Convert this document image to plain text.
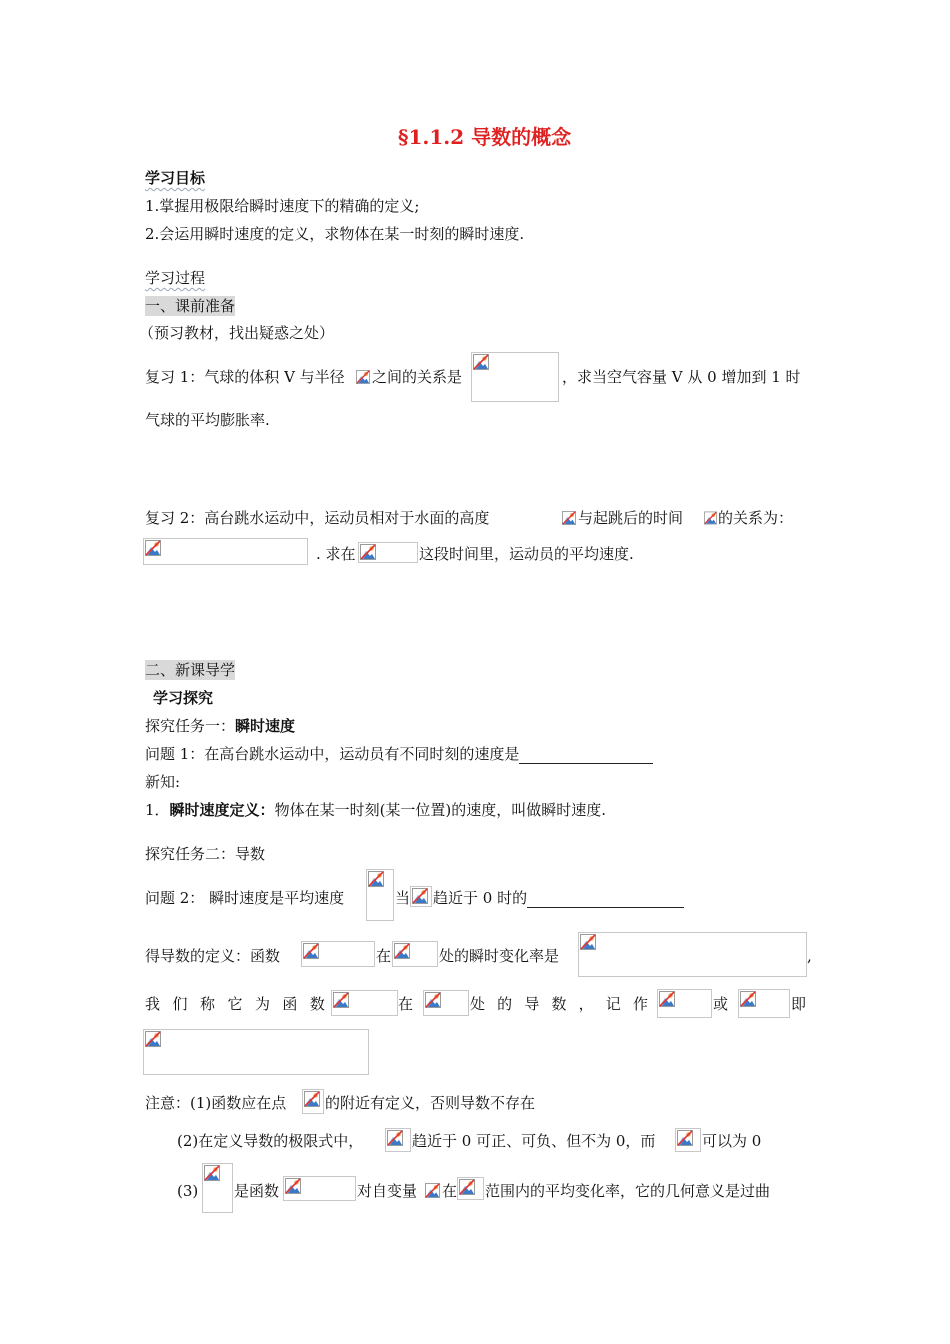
§1.1.2 导数的概念
学习目标
1.掌握用极限给瞬时速度下的精确的定义;
2.会运用瞬时速度的定义，求物体在某一时刻的瞬时速度.
学习过程
一、课前准备
（预习教材，找出疑惑之处）
复习 1：气球的体积 V 与半径 之间的关系是	，求当空气容量 V 从 0 增加到 1 时
气球的平均膨胀率.
复习 2：高台跳水运动中，运动员相对于水面的高度	与起跳后的时间 的关系为：
. 求在	这段时间里，运动员的平均速度.
二、新课导学
学习探究
探究任务一：瞬时速度
问题 1：在高台跳水运动中，运动员有不同时刻的速度是
新知:
1．瞬时速度定义：物体在某一时刻(某一位置)的速度，叫做瞬时速度.
探究任务二：导数
问题 2： 瞬时速度是平均速度	当 趋近于 0 时的
得导数的定义：函数	在	处的瞬时变化率是	,
我 们 称 它 为 函 数	在	处 的 导 数 ， 记 作	或	即
注意：(1)函数应在点	的附近有定义，否则导数不存在
(2)在定义导数的极限式中，	趋近于 0 可正、可负、但不为 0，而	可以为 0
(3) 是函数	对自变量 在 范围内的平均变化率，它的几何意义是过曲
